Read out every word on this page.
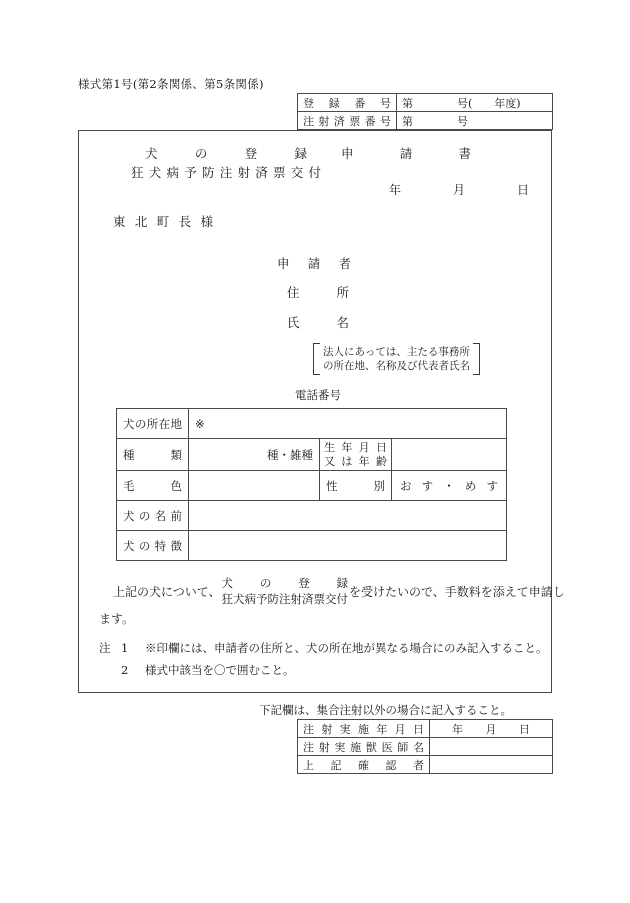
様式第1号(第2条関係、第5条関係)
登録番号	第　　　　号(　　年度)
注射済票番号	第　　　　号
犬の登録
狂犬病予防注射済票交付
申請書
年　　月　　日
東北町長様
申請者
住所
氏名
法人にあっては、主たる事務所
の所在地、名称及び代表者氏名
電話番号
犬の所在地	※		
種類	種・雑種	生年月日
又は年齢	

毛色		性別	おす・めす
犬の名前			
犬の特徴			
上記の犬について、
犬の登録
狂犬病予防注射済票交付
を受けたいので、手数料を添えて申請し
ます。
注 1	※印欄には、申請者の住所と、犬の所在地が異なる場合にのみ記入すること。
2	様式中該当を〇で囲むこと。
下記欄は、集合注射以外の場合に記入すること。
注射実施年月日	年　　月　　日
注射実施獣医師名	
上記確認者	
